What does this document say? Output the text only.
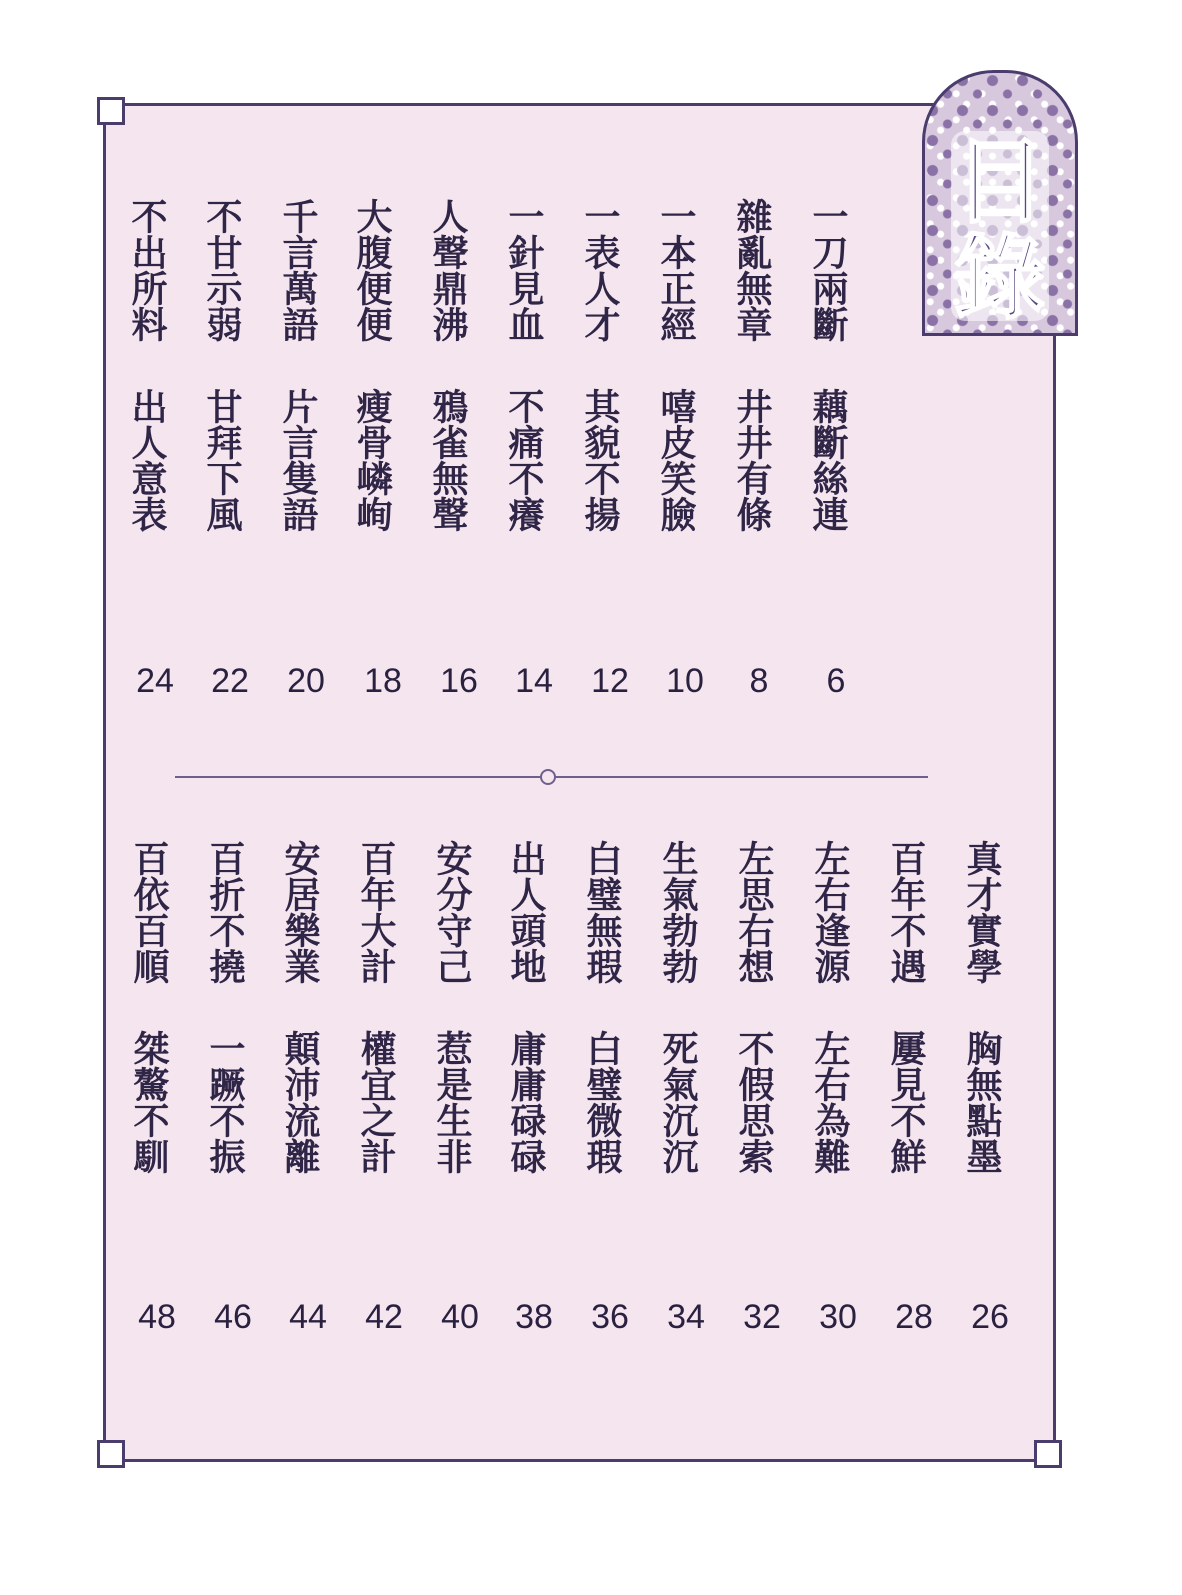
目
錄
一刀兩斷
藕斷絲連
6
雜亂無章
井井有條
8
一本正經
嘻皮笑臉
10
一表人才
其貌不揚
12
一針見血
不痛不癢
14
人聲鼎沸
鴉雀無聲
16
大腹便便
瘦骨嶙峋
18
千言萬語
片言隻語
20
不甘示弱
甘拜下風
22
不出所料
出人意表
24
真才實學
胸無點墨
26
百年不遇
屢見不鮮
28
左右逢源
左右為難
30
左思右想
不假思索
32
生氣勃勃
死氣沉沉
34
白璧無瑕
白璧微瑕
36
出人頭地
庸庸碌碌
38
安分守己
惹是生非
40
百年大計
權宜之計
42
安居樂業
顛沛流離
44
百折不撓
一蹶不振
46
百依百順
桀驁不馴
48
